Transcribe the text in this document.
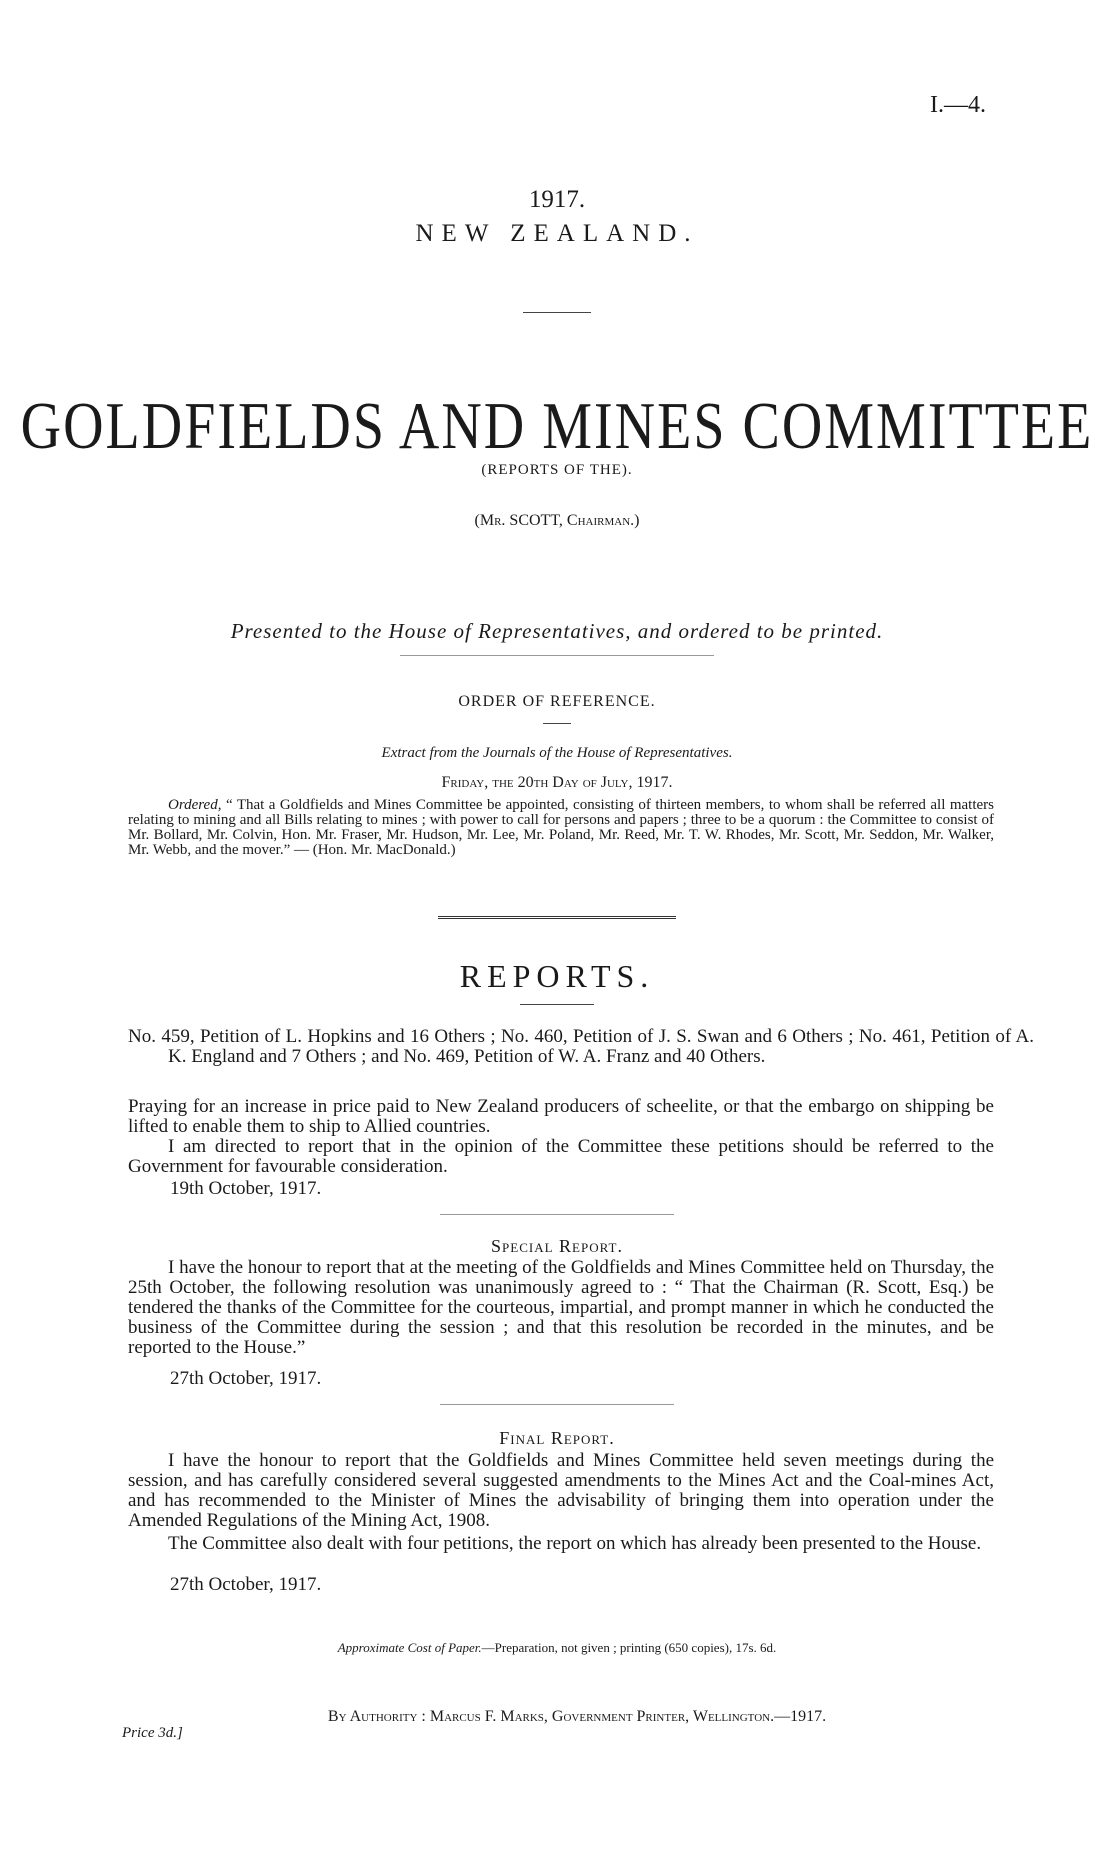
I.—4.
1917.
NEW ZEALAND.
GOLDFIELDS AND MINES COMMITTEE
(REPORTS OF THE).
(Mr. SCOTT, Chairman.)
Presented to the House of Representatives, and ordered to be printed.
ORDER OF REFERENCE.
Extract from the Journals of the House of Representatives.
Friday, the 20th Day of July, 1917.
Ordered, “ That a Goldfields and Mines Committee be appointed, consisting of thirteen members, to whom shall be referred all matters relating to mining and all Bills relating to mines ; with power to call for persons and papers ; three to be a quorum : the Committee to consist of Mr. Bollard, Mr. Colvin, Hon. Mr. Fraser, Mr. Hudson, Mr. Lee, Mr. Poland, Mr. Reed, Mr. T. W. Rhodes, Mr. Scott, Mr. Seddon, Mr. Walker, Mr. Webb, and the mover.” — (Hon. Mr. MacDonald.)
REPORTS.
No. 459, Petition of L. Hopkins and 16 Others ; No. 460, Petition of J. S. Swan and 6 Others ; No. 461, Petition of A. K. England and 7 Others ; and No. 469, Petition of W. A. Franz and 40 Others.
Praying for an increase in price paid to New Zealand producers of scheelite, or that the embargo on shipping be lifted to enable them to ship to Allied countries.
I am directed to report that in the opinion of the Committee these petitions should be referred to the Government for favourable consideration.
19th October, 1917.
Special Report.
I have the honour to report that at the meeting of the Goldfields and Mines Committee held on Thursday, the 25th October, the following resolution was unanimously agreed to : “ That the Chairman (R. Scott, Esq.) be tendered the thanks of the Committee for the courteous, impartial, and prompt manner in which he conducted the business of the Committee during the session ; and that this resolution be recorded in the minutes, and be reported to the House.”
27th October, 1917.
Final Report.
I have the honour to report that the Goldfields and Mines Committee held seven meetings during the session, and has carefully considered several suggested amendments to the Mines Act and the Coal-mines Act, and has recommended to the Minister of Mines the advisability of bringing them into operation under the Amended Regulations of the Mining Act, 1908.
The Committee also dealt with four petitions, the report on which has already been presented to the House.
27th October, 1917.
Approximate Cost of Paper.—Preparation, not given ; printing (650 copies), 17s. 6d.
By Authority : Marcus F. Marks, Government Printer, Wellington.—1917.
Price 3d.]
